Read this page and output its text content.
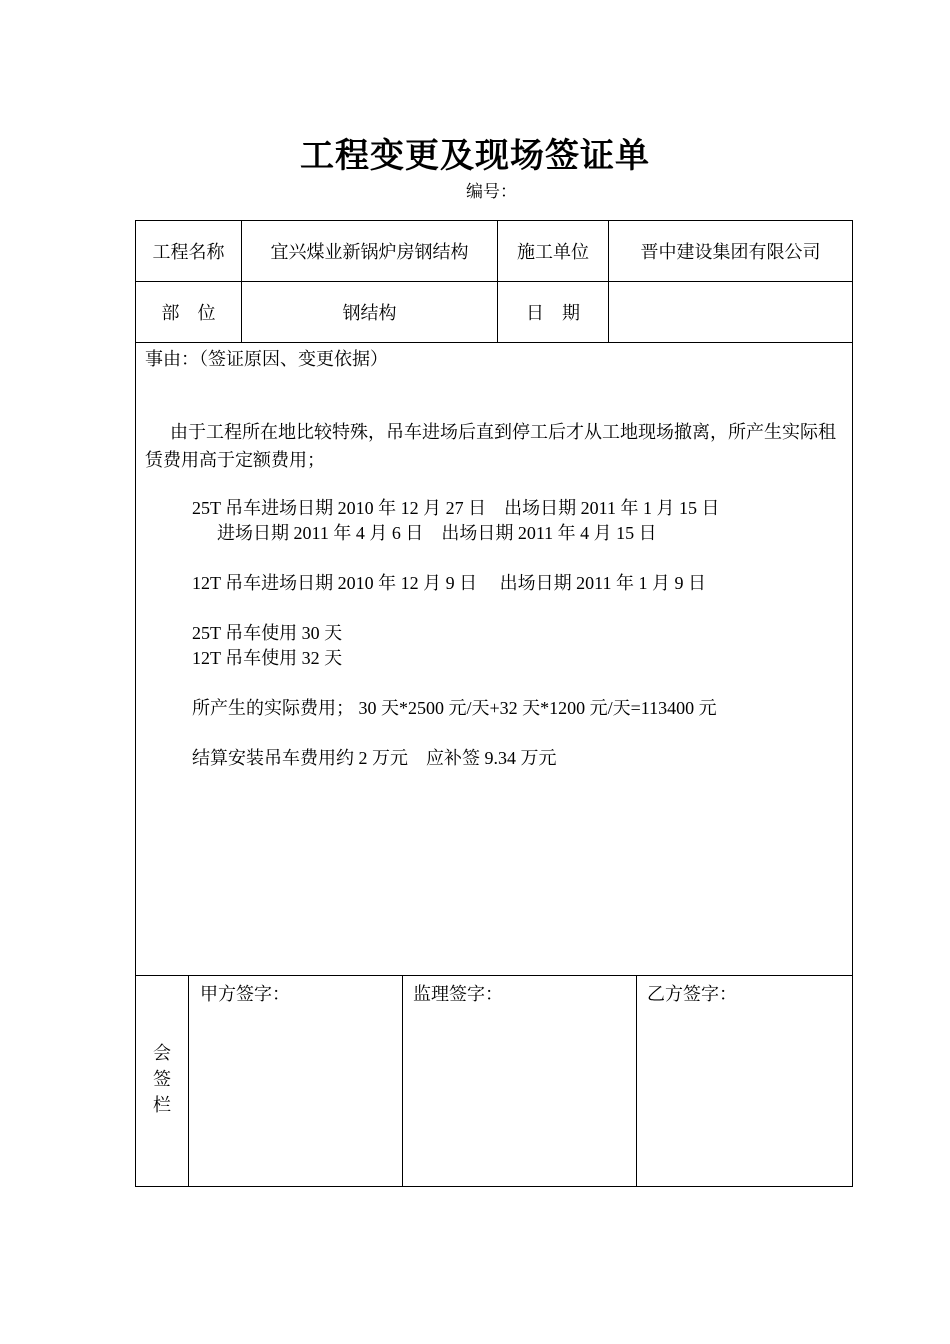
工程变更及现场签证单
编号：
工程名称	宜兴煤业新锅炉房钢结构	施工单位	晋中建设集团有限公司
部　位	钢结构	日　期
事由：（签证原因、变更依据）
由于工程所在地比较特殊，吊车进场后直到停工后才从工地现场撤离，所产生实际租赁费用高于定额费用；
25T 吊车进场日期 2010 年 12 月 27 日　出场日期 2011 年 1 月 15 日
进场日期 2011 年 4 月 6 日　出场日期 2011 年 4 月 15 日
12T 吊车进场日期 2010 年 12 月 9 日　 出场日期 2011 年 1 月 9 日
25T 吊车使用 30 天
12T 吊车使用 32 天
所产生的实际费用； 30 天*2500 元/天+32 天*1200 元/天=113400 元
结算安装吊车费用约 2 万元　应补签 9.34 万元
会
签
栏
甲方签字：	监理签字：	乙方签字：
